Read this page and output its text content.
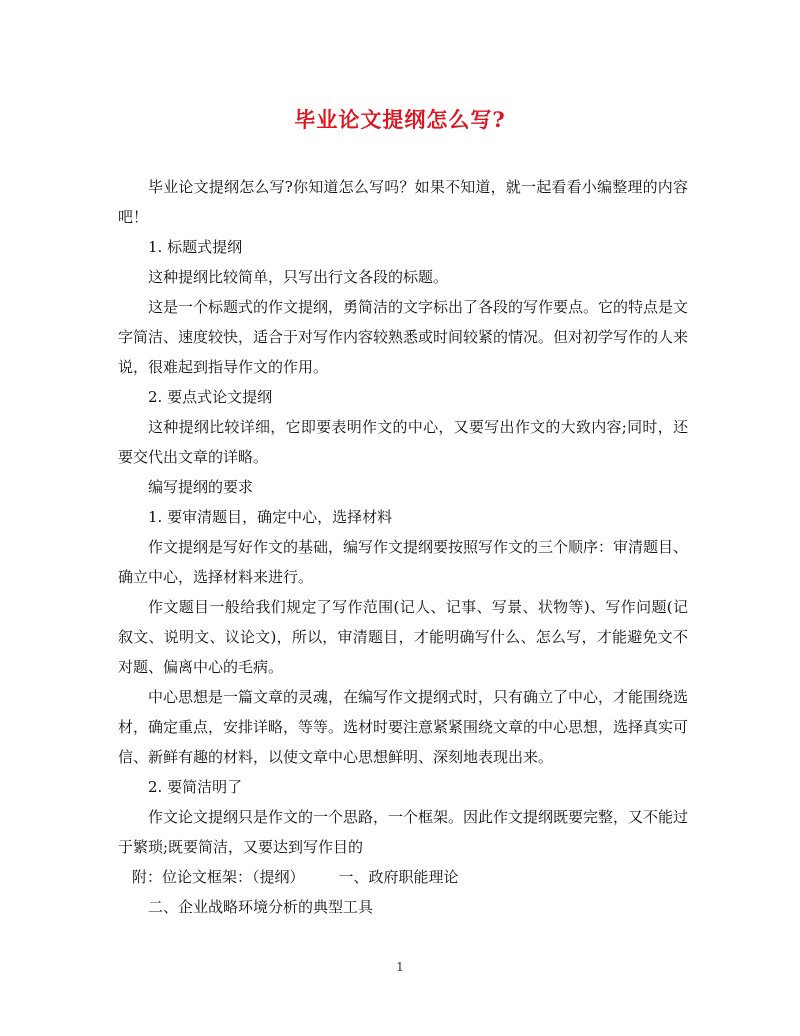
毕业论文提纲怎么写?

毕业论文提纲怎么写?你知道怎么写吗？如果不知道，就一起看看小编整理的内容吧！

1. 标题式提纲

这种提纲比较简单，只写出行文各段的标题。

这是一个标题式的作文提纲，勇简洁的文字标出了各段的写作要点。它的特点是文字简洁、速度较快，适合于对写作内容较熟悉或时间较紧的情况。但对初学写作的人来说，很难起到指导作文的作用。

2. 要点式论文提纲

这种提纲比较详细，它即要表明作文的中心，又要写出作文的大致内容;同时，还要交代出文章的详略。

编写提纲的要求

1. 要审清题目，确定中心，选择材料

作文提纲是写好作文的基础，编写作文提纲要按照写作文的三个顺序：审清题目、确立中心，选择材料来进行。

作文题目一般给我们规定了写作范围(记人、记事、写景、状物等)、写作问题(记叙文、说明文、议论文)，所以，审清题目，才能明确写什么、怎么写，才能避免文不对题、偏离中心的毛病。

中心思想是一篇文章的灵魂，在编写作文提纲式时，只有确立了中心，才能围绕选材，确定重点，安排详略，等等。选材时要注意紧紧围绕文章的中心思想，选择真实可信、新鲜有趣的材料，以使文章中心思想鲜明、深刻地表现出来。

2. 要简洁明了

作文论文提纲只是作文的一个思路，一个框架。因此作文提纲既要完整，又不能过于繁琐;既要简洁，又要达到写作目的

附：位论文框架：（提纲） 一、政府职能理论

二、企业战略环境分析的典型工具

1
